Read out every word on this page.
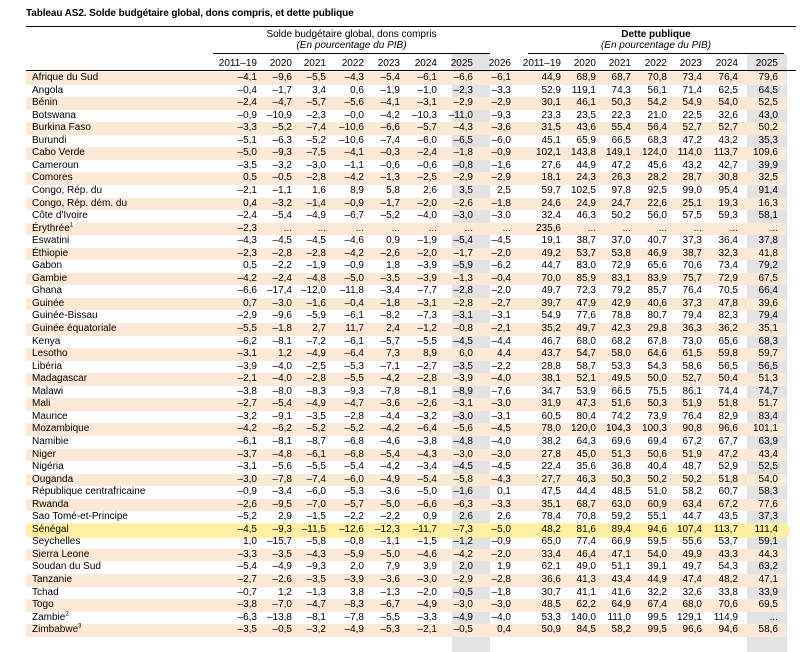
Tableau AS2. Solde budgétaire global, dons compris, et dette publique
Solde budgétaire global, dons compris
(En pourcentage du PIB)
Dette publique
(En pourcentage du PIB)
2011–19	2020	2021	2022	2023	2024	2025	2026 2011–19	2020	2021	2022	2023	2024	2025
Afrique du Sud	–4,1	–9,6	–5,5	–4,3	–5,4	–6,1	–6,6	–6,1	44,9	68,9	68,7	70,8	73,4	76,4	79,6
Angola	–0,4	–1,7	3,4	0,6	–1,9	–1,0	–2,3	–3,3	52,9	119,1	74,3	56,1	71,4	62,5	64,5
Bénin	–2,4	–4,7	–5,7	–5,6	–4,1	–3,1	–2,9	–2,9	30,1	46,1	50,3	54,2	54,9	54,0	52,5
Botswana	–0,9 –10,9	–2,3	–0,0	–4,2	–10,3	–11,0	–9,3	23,3	23,5	22,3	21,0	22,5	32,6	43,0
Burkina Faso	–3,3	–5,2	–7,4	–10,6	–6,6	–5,7	–4,3	–3,6	31,5	43,6	55,4	56,4	52,7	52,7	50,2
Burundi	–5,1	–6,3	–5,2	–10,6	–7,4	–6,0	–6,5	–6,0	45,1	65,9	66,5	68,3	47,2	43,2	35,3
Cabo Verde	–5,0	–9,3	–7,5	–4,1	–0,3	–2,4	–1,8	–0,9	102,1 143,8 149,1	124,0	114,0	113,7	109,6
Cameroun	–3,5	–3,2	–3,0	–1,1	–0,6	–0,6	–0,8	–1,6	27,6	44,9	47,2	45,6	43,2	42,7	39,9
Comores	0,5	–0,5	–2,8	–4,2	–1,3	–2,5	–2,9	–2,9	18,1	24,3	26,3	28,2	28,7	30,8	32,5
Congo, Rép. du	–2,1	–1,1	1,6	8,9	5,8	2,6	3,5	2,5	59,7 102,5	97,8	92,5	99,0	95,4	91,4
Congo, Rép. dém. du	0,4	–3,2	–1,4	–0,9	–1,7	–2,0	–2,6	–1,8	24,6	24,9	24,7	22,6	25,1	19,3	16,3
Côte d'Ivoire	–2,4	–5,4	–4,9	–6,7	–5,2	–4,0	–3,0	–3,0	32,4	46,3	50,2	56,0	57,5	59,3	58,1
Érythrée$^1$	–2,3	...	...	...	...	...	...	...	235,6	...	...	...	...	...	...
Eswatini	–4,3	–4,5	–4,5	–4,6	0,9	–1,9	–5,4	–4,5	19,1	38,7	37,0	40,7	37,3	36,4	37,8
Éthiopie	–2,3	–2,8	–2,8	–4,2	–2,6	–2,0	–1,7	–2,0	49,2	53,7	53,8	46,9	38,7	32,3	41,8
Gabon	0,5	–2,2	–1,9	–0,9	1,8	–3,9	–5,9	–6,2	44,7	83,0	72,9	65,6	70,6	73,4	79,2
Gambie	–4,2	–2,4	–4,8	–5,0	–3,5	–3,9	–1,3	–0,4	70,0	85,9	83,1	83,9	75,7	72,9	67,5
Ghana	–6,6 –17,4 –12,0	–11,8	–3,4	–7,7	–2,8	–2,0	49,7	72,3	79,2	85,7	76,4	70,5	66,4
Guinée	0,7	–3,0	–1,6	–0,4	–1,8	–3,1	–2,8	–2,7	39,7	47,9	42,9	40,6	37,3	47,8	39,6
Guinée-Bissau	–2,9	–9,6	–5,9	–6,1	–8,2	–7,3	–3,1	–3,1	54,9	77,6	78,8	80,7	79,4	82,3	79,4
Guinée équatoriale	–5,5	–1,8	2,7	11,7	2,4	–1,2	–0,8	–2,1	35,2	49,7	42,3	29,8	36,3	36,2	35,1
Kenya	–6,2	–8,1	–7,2	–6,1	–5,7	–5,5	–4,5	–4,4	46,7	68,0	68,2	67,8	73,0	65,6	68,3
Lesotho	–3,1	1,2	–4,9	–6,4	7,3	8,9	6,0	4,4	43,7	54,7	58,0	64,6	61,5	59,8	59,7
Libéria	–3,9	–4,0	–2,5	–5,3	–7,1	–2,7	–3,5	–2,2	28,8	58,7	53,3	54,3	58,6	56,5	56,5
Madagascar	–2,1	–4,0	–2,8	–5,5	–4,2	–2,8	–3,9	–4,0	38,1	52,1	49,5	50,0	52,7	50,4	51,3
Malawi	–3,8	–8,0	–8,3	–9,3	–7,8	–8,1	–8,9	–7,6	34,7	53,9	66,5	75,5	86,1	74,4	74,7
Mali	–2,7	–5,4	–4,9	–4,7	–3,6	–2,6	–3,1	–3,0	31,9	47,3	51,6	50,3	51,9	51,8	51,7
Maurice	–3,2	–9,1	–3,5	–2,8	–4,4	–3,2	–3,0	–3,1	60,5	80,4	74,2	73,9	76,4	82,9	83,4
Mozambique	–4,2	–6,2	–5,2	–5,2	–4,2	–6,4	–5,6	–4,5	78,0 120,0 104,3	100,3	90,8	96,6	101,1
Namibie	–6,1	–8,1	–8,7	–6,8	–4,6	–3,8	–4,8	–4,0	38,2	64,3	69,6	69,4	67,2	67,7	63,9
Niger	–3,7	–4,8	–6,1	–6,8	–5,4	–4,3	–3,0	–3,0	27,8	45,0	51,3	50,6	51,9	47,2	43,4
Nigéria	–3,1	–5,6	–5,5	–5,4	–4,2	–3,4	–4,5	–4,5	22,4	35,6	36,8	40,4	48,7	52,9	52,5
Ouganda	–3,0	–7,8	–7,4	–6,0	–4,9	–5,4	–5,8	–4,3	27,7	46,3	50,3	50,2	50,2	51,8	54,0
République centrafricaine	–0,9	–3,4	–6,0	–5,3	–3,6	–5,0	–1,6	0,1	47,5	44,4	48,5	51,0	58,2	60,7	58,3
Rwanda	–2,6	–9,5	–7,0	–5,7	–5,0	–6,6	–6,3	–3,3	35,1	68,7	63,0	60,9	63,4	67,2	77,6
Sao Tomé-et-Principe	–5,2	2,9	–1,5	–2,2	–2,2	0,9	2,6	2,6	78,4	70,8	59,2	55,1	44,7	43,5	37,3
Sénégal	–4,5	–9,3 –11,5	–12,6	–12,3	–11,7	–7,3	–5,0	48,2	81,6	89,4	94,6 107,4	113,7	111,4
Seychelles	1,0 –15,7	–5,8	–0,8	–1,1	–1,5	–1,2	–0,9	65,0	77,4	66,9	59,5	55,6	53,7	59,1
Sierra Leone	–3,3	–3,5	–4,3	–5,9	–5,0	–4,6	–4,2	–2,0	33,4	46,4	47,1	54,0	49,9	43,3	44,3
Soudan du Sud	–5,4	–4,9	–9,3	2,0	7,9	3,9	2,0	1,9	62,1	49,0	51,1	39,1	49,7	54,3	63,2
Tanzanie	–2,7	–2,6	–3,5	–3,9	–3,6	–3,0	–2,9	–2,8	36,6	41,3	43,4	44,9	47,4	48,2	47,1
Tchad	–0,7	1,2	–1,3	3,8	–1,3	–2,0	–0,5	–1,8	30,7	41,1	41,6	32,2	32,6	33,8	33,9
Togo	–3,8	–7,0	–4,7	–8,3	–6,7	–4,9	–3,0	–3,0	48,5	62,2	64,9	67,4	68,0	70,6	69,5
Zambie$^2$	–6,3 –13,8	–8,1	–7,8	–5,5	–3,3	–4,9	–4,0	53,3 140,0	111,0	99,5 129,1	114,9	...
Zimbabwe$^3$	–3,5	–0,5	–3,2	–4,9	–5,3	–2,1	–0,5	0,4	50,9	84,5	58,2	99,5	96,6	94,6	58,6
